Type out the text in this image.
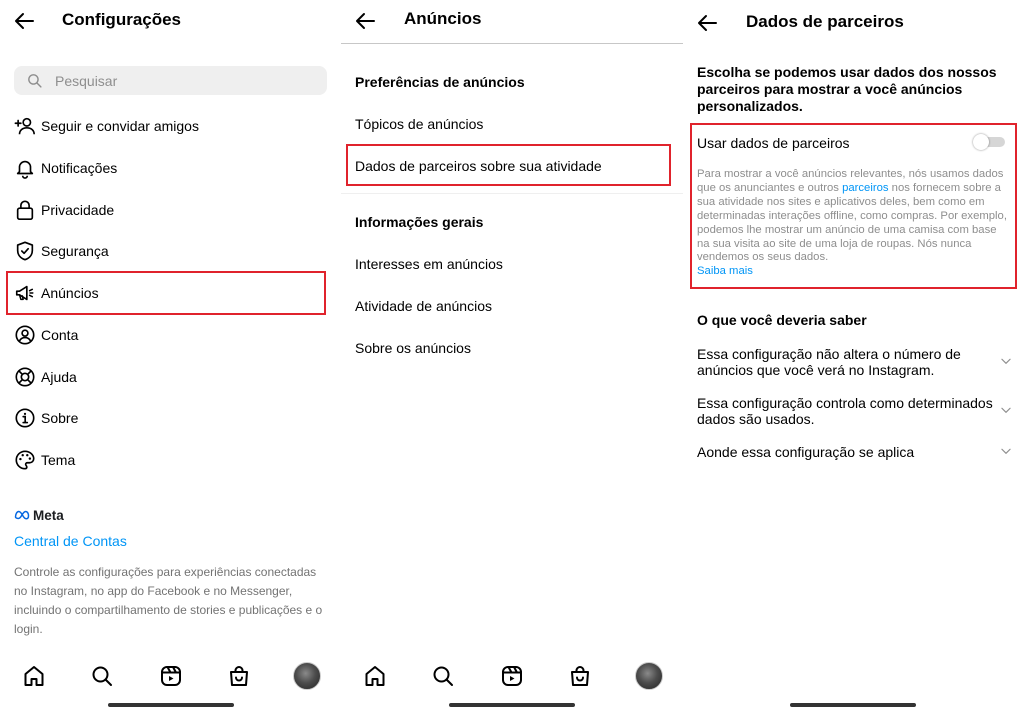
Configurações
Pesquisar
Seguir e convidar amigos
Notificações
Privacidade
Segurança
Anúncios
Conta
Ajuda
Sobre
Tema
Meta
Central de Contas
Controle as configurações para experiências conectadas no Instagram, no app do Facebook e no Messenger, incluindo o compartilhamento de stories e publicações e o login.
Anúncios
Preferências de anúncios
Tópicos de anúncios
Dados de parceiros sobre sua atividade
Informações gerais
Interesses em anúncios
Atividade de anúncios
Sobre os anúncios
Dados de parceiros
Escolha se podemos usar dados dos nossos parceiros para mostrar a você anúncios personalizados.
Usar dados de parceiros
Para mostrar a você anúncios relevantes, nós usamos dados que os anunciantes e outros parceiros nos fornecem sobre a sua atividade nos sites e aplicativos deles, bem como em determinadas interações offline, como compras. Por exemplo, podemos lhe mostrar um anúncio de uma camisa com base na sua visita ao site de uma loja de roupas. Nós nunca vendemos os seus dados.
Saiba mais
O que você deveria saber
Essa configuração não altera o número de anúncios que você verá no Instagram.
Essa configuração controla como determinados dados são usados.
Aonde essa configuração se aplica
